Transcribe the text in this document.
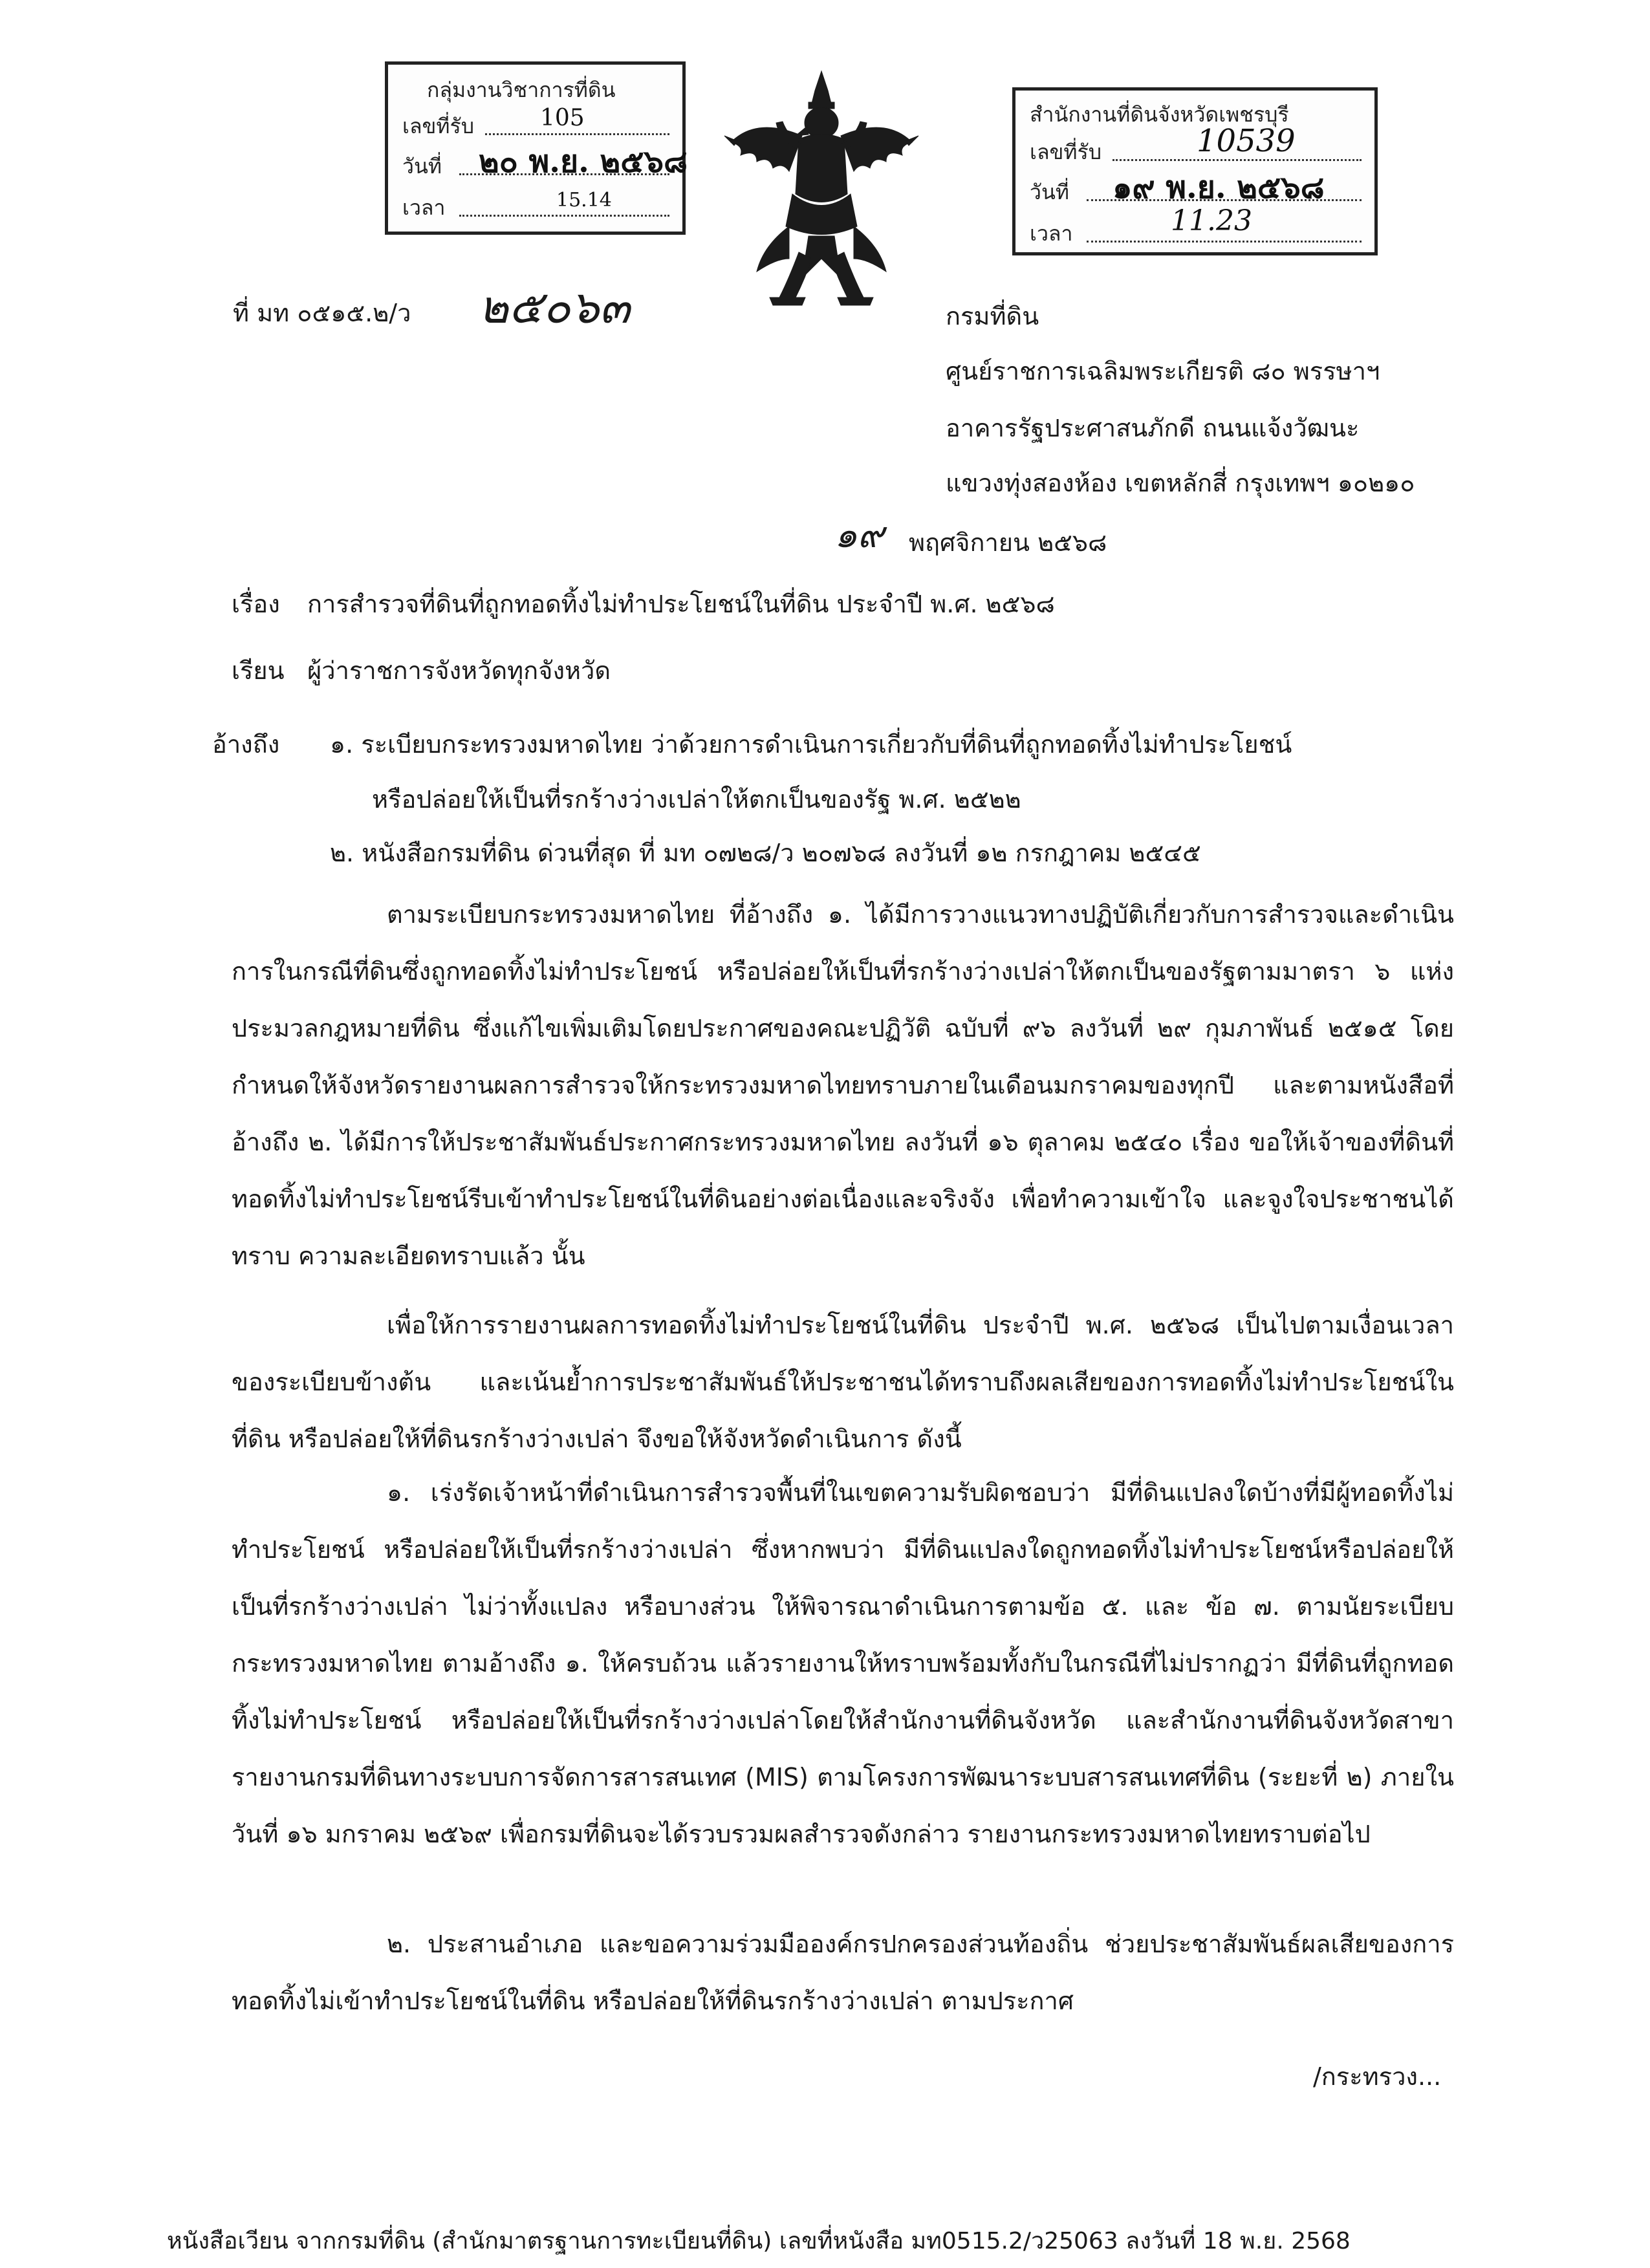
กลุ่มงานวิชาการที่ดิน
เลขที่รับ	105
วันที่ ๒๐ พ.ย. ๒๕๖๘
เวลา	15.14
สำนักงานที่ดินจังหวัดเพชรบุรี
เลขที่รับ	10539
วันที่ ๑๙ พ.ย. ๒๕๖๘
เวลา	11.23
ที่ มท ๐๕๑๕.๒/ว ๒๕๐๖๓	กรมที่ดิน
ศูนย์ราชการเฉลิมพระเกียรติ ๘๐ พรรษาฯ
อาคารรัฐประศาสนภักดี ถนนแจ้งวัฒนะ
แขวงทุ่งสองห้อง เขตหลักสี่ กรุงเทพฯ ๑๐๒๑๐
๑๙ พฤศจิกายน ๒๕๖๘
เรื่อง การสำรวจที่ดินที่ถูกทอดทิ้งไม่ทำประโยชน์ในที่ดิน ประจำปี พ.ศ. ๒๕๖๘
เรียน ผู้ว่าราชการจังหวัดทุกจังหวัด
อ้างถึง ๑. ระเบียบกระทรวงมหาดไทย ว่าด้วยการดำเนินการเกี่ยวกับที่ดินที่ถูกทอดทิ้งไม่ทำประโยชน์
หรือปล่อยให้เป็นที่รกร้างว่างเปล่าให้ตกเป็นของรัฐ พ.ศ. ๒๕๒๒
๒. หนังสือกรมที่ดิน ด่วนที่สุด ที่ มท ๐๗๒๘/ว ๒๐๗๖๘ ลงวันที่ ๑๒ กรกฎาคม ๒๕๔๕
ตามระเบียบกระทรวงมหาดไทย ที่อ้างถึง ๑. ได้มีการวางแนวทางปฏิบัติเกี่ยวกับการสำรวจและดำเนินการในกรณีที่ดินซึ่งถูกทอดทิ้งไม่ทำประโยชน์ หรือปล่อยให้เป็นที่รกร้างว่างเปล่าให้ตกเป็นของรัฐตามมาตรา ๖ แห่งประมวลกฎหมายที่ดิน ซึ่งแก้ไขเพิ่มเติมโดยประกาศของคณะปฏิวัติ ฉบับที่ ๙๖ ลงวันที่ ๒๙ กุมภาพันธ์ ๒๕๑๕ โดยกำหนดให้จังหวัดรายงานผลการสำรวจให้กระทรวงมหาดไทยทราบภายในเดือนมกราคมของทุกปี และตามหนังสือที่อ้างถึง ๒. ได้มีการให้ประชาสัมพันธ์ประกาศกระทรวงมหาดไทย ลงวันที่ ๑๖ ตุลาคม ๒๕๔๐ เรื่อง ขอให้เจ้าของที่ดินที่ทอดทิ้งไม่ทำประโยชน์รีบเข้าทำประโยชน์ในที่ดินอย่างต่อเนื่องและจริงจัง เพื่อทำความเข้าใจ และจูงใจประชาชนได้ทราบ ความละเอียดทราบแล้ว นั้น
เพื่อให้การรายงานผลการทอดทิ้งไม่ทำประโยชน์ในที่ดิน ประจำปี พ.ศ. ๒๕๖๘ เป็นไปตามเงื่อนเวลาของระเบียบข้างต้น และเน้นย้ำการประชาสัมพันธ์ให้ประชาชนได้ทราบถึงผลเสียของการทอดทิ้งไม่ทำประโยชน์ในที่ดิน หรือปล่อยให้ที่ดินรกร้างว่างเปล่า จึงขอให้จังหวัดดำเนินการ ดังนี้
๑. เร่งรัดเจ้าหน้าที่ดำเนินการสำรวจพื้นที่ในเขตความรับผิดชอบว่า มีที่ดินแปลงใดบ้างที่มีผู้ทอดทิ้งไม่ทำประโยชน์ หรือปล่อยให้เป็นที่รกร้างว่างเปล่า ซึ่งหากพบว่า มีที่ดินแปลงใดถูกทอดทิ้งไม่ทำประโยชน์หรือปล่อยให้เป็นที่รกร้างว่างเปล่า ไม่ว่าทั้งแปลง หรือบางส่วน ให้พิจารณาดำเนินการตามข้อ ๕. และ ข้อ ๗. ตามนัยระเบียบกระทรวงมหาดไทย ตามอ้างถึง ๑. ให้ครบถ้วน แล้วรายงานให้ทราบพร้อมทั้งกับในกรณีที่ไม่ปรากฏว่า มีที่ดินที่ถูกทอดทิ้งไม่ทำประโยชน์ หรือปล่อยให้เป็นที่รกร้างว่างเปล่าโดยให้สำนักงานที่ดินจังหวัด และสำนักงานที่ดินจังหวัดสาขา รายงานกรมที่ดินทางระบบการจัดการสารสนเทศ (MIS) ตามโครงการพัฒนาระบบสารสนเทศที่ดิน (ระยะที่ ๒) ภายในวันที่ ๑๖ มกราคม ๒๕๖๙ เพื่อกรมที่ดินจะได้รวบรวมผลสำรวจดังกล่าว รายงานกระทรวงมหาดไทยทราบต่อไป
๒. ประสานอำเภอ และขอความร่วมมือองค์กรปกครองส่วนท้องถิ่น ช่วยประชาสัมพันธ์ผลเสียของการทอดทิ้งไม่เข้าทำประโยชน์ในที่ดิน หรือปล่อยให้ที่ดินรกร้างว่างเปล่า ตามประกาศ
/กระทรวง...
หนังสือเวียน จากกรมที่ดิน (สำนักมาตรฐานการทะเบียนที่ดิน) เลขที่หนังสือ มท0515.2/ว25063 ลงวันที่ 18 พ.ย. 2568
